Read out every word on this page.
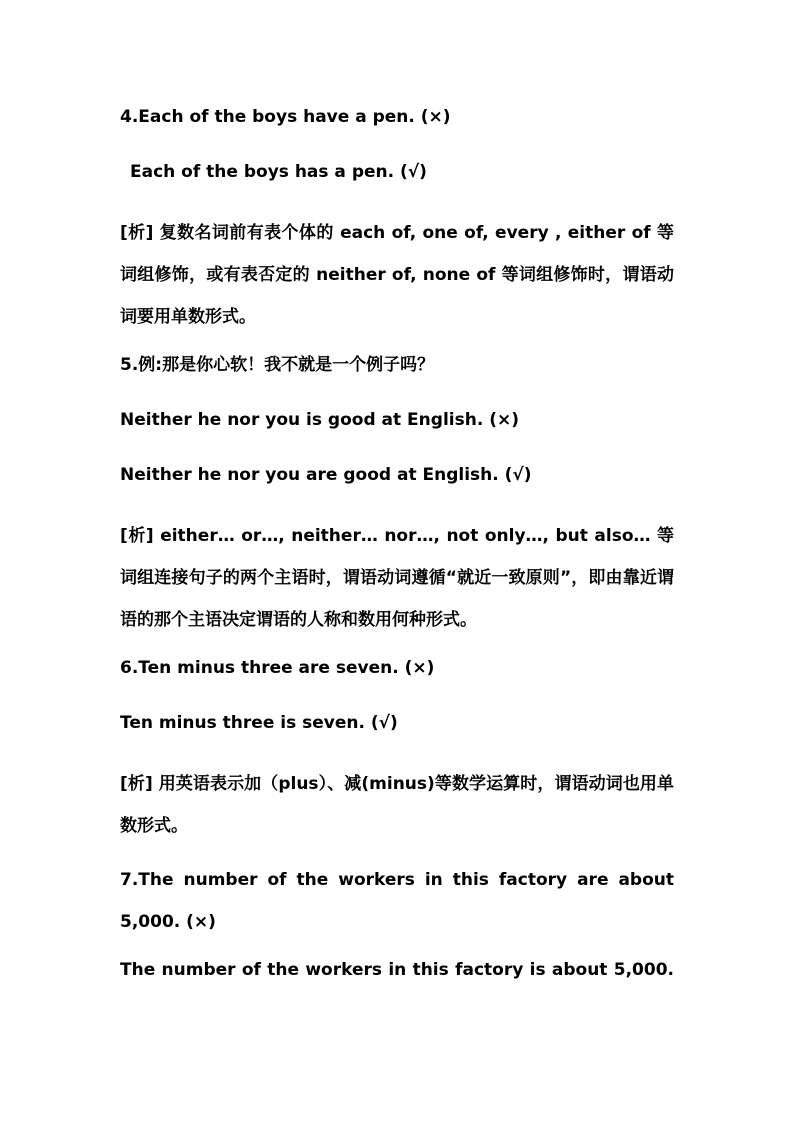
4.Each of the boys have a pen. (×)

Each of the boys has a pen. (√)

[析] 复数名词前有表个体的 each of, one of, every , either of 等词组修饰，或有表否定的 neither of, none of 等词组修饰时，谓语动词要用单数形式。

5.例:那是你心软！我不就是一个例子吗？

Neither he nor you is good at English. (×)

Neither he nor you are good at English. (√)

[析] either… or…, neither… nor…, not only…, but also… 等词组连接句子的两个主语时，谓语动词遵循“就近一致原则”，即由靠近谓语的那个主语决定谓语的人称和数用何种形式。

6.Ten minus three are seven. (×)

Ten minus three is seven. (√)

[析] 用英语表示加（plus）、减(minus)等数学运算时，谓语动词也用单数形式。

7.The number of the workers in this factory are about 5,000. (×)

The number of the workers in this factory is about 5,000.
